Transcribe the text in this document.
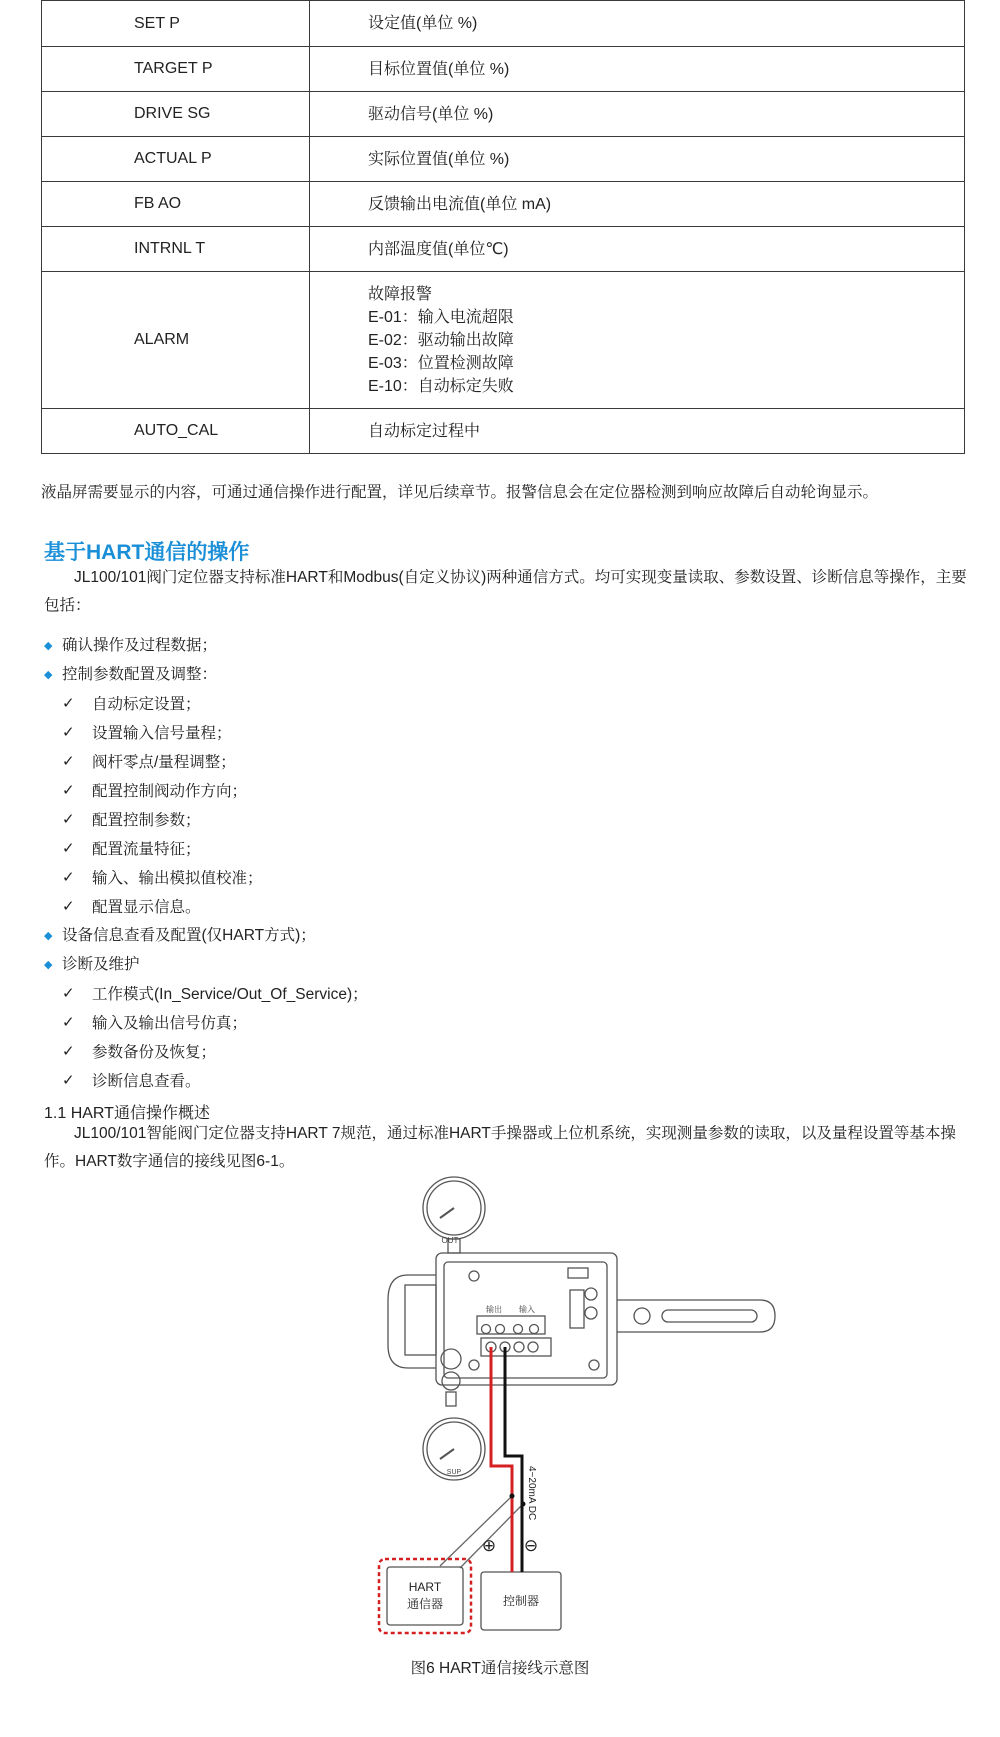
SET P	设定值(单位 %)

TARGET P	目标位置值(单位 %)

DRIVE SG	驱动信号(单位 %)

ACTUAL P	实际位置值(单位 %)

FB AO	反馈输出电流值(单位 mA)

INTRNL T	内部温度值(单位℃)

ALARM	故障报警
E-01：输入电流超限
E-02：驱动输出故障
E-03：位置检测故障
E-10：自动标定失败

AUTO_CAL	自动标定过程中
液晶屏需要显示的内容，可通过通信操作进行配置，详见后续章节。报警信息会在定位器检测到响应故障后自动轮询显示。
基于HART通信的操作
JL100/101阀门定位器支持标准HART和Modbus(自定义协议)两种通信方式。均可实现变量读取、参数设置、诊断信息等操作，主要包括：
◆ 确认操作及过程数据；
◆ 控制参数配置及调整：
✓ 自动标定设置；
✓ 设置输入信号量程；
✓ 阀杆零点/量程调整；
✓ 配置控制阀动作方向；
✓ 配置控制参数；
✓ 配置流量特征；
✓ 输入、输出模拟值校准；
✓ 配置显示信息。
◆ 设备信息查看及配置(仅HART方式)；
◆ 诊断及维护
✓ 工作模式(In_Service/Out_Of_Service)；
✓ 输入及输出信号仿真；
✓ 参数备份及恢复；
✓ 诊断信息查看。
1.1 HART通信操作概述
JL100/101智能阀门定位器支持HART 7规范，通过标准HART手操器或上位机系统，实现测量参数的读取，以及量程设置等基本操作。HART数字通信的接线见图6-1。
OUT
SUP
输出 输入
4~20mA DC
⊕ ⊖
HART
通信器	控制器
图6 HART通信接线示意图
